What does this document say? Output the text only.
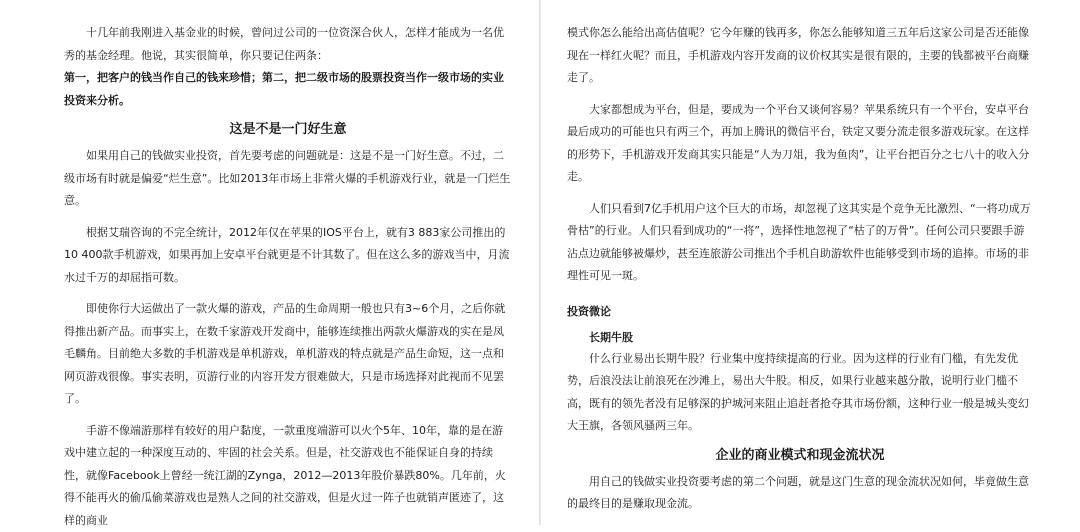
十几年前我刚进入基金业的时候，曾问过公司的一位资深合伙人，怎样才能成为一名优秀的基金经理。他说，其实很简单，你只要记住两条：

第一，把客户的钱当作自己的钱来珍惜；第二，把二级市场的股票投资当作一级市场的实业投资来分析。

这是不是一门好生意

如果用自己的钱做实业投资，首先要考虑的问题就是：这是不是一门好生意。不过，二级市场有时就是偏爱“烂生意”。比如2013年市场上非常火爆的手机游戏行业，就是一门烂生意。

根据艾瑞咨询的不完全统计，2012年仅在苹果的IOS平台上，就有3 883家公司推出的10 400款手机游戏，如果再加上安卓平台就更是不计其数了。但在这么多的游戏当中，月流水过千万的却屈指可数。

即使你行大运做出了一款火爆的游戏，产品的生命周期一般也只有3~6个月，之后你就得推出新产品。而事实上，在数千家游戏开发商中，能够连续推出两款火爆游戏的实在是凤毛麟角。目前绝大多数的手机游戏是单机游戏，单机游戏的特点就是产品生命短，这一点和网页游戏很像。事实表明，页游行业的内容开发方很难做大，只是市场选择对此视而不见罢了。

手游不像端游那样有较好的用户黏度，一款重度端游可以火个5年、10年，靠的是在游戏中建立起的一种深度互动的、牢固的社会关系。但是，社交游戏也不能保证自身的持续性，就像Facebook上曾经一统江湖的Zynga，2012—2013年股价暴跌80%。几年前，火得不能再火的偷瓜偷菜游戏也是熟人之间的社交游戏，但是火过一阵子也就销声匿迹了，这样的商业

模式你怎么能给出高估值呢？它今年赚的钱再多，你怎么能够知道三五年后这家公司是否还能像现在一样红火呢？而且，手机游戏内容开发商的议价权其实是很有限的，主要的钱都被平台商赚走了。

大家都想成为平台，但是，要成为一个平台又谈何容易？苹果系统只有一个平台，安卓平台最后成功的可能也只有两三个，再加上腾讯的微信平台，铁定又要分流走很多游戏玩家。在这样的形势下，手机游戏开发商其实只能是“人为刀俎，我为鱼肉”，让平台把百分之七八十的收入分走。

人们只看到7亿手机用户这个巨大的市场，却忽视了这其实是个竞争无比激烈、“一将功成万骨枯”的行业。人们只看到成功的“一将”，选择性地忽视了“枯了的万骨”。任何公司只要跟手游沾点边就能够被爆炒，甚至连旅游公司推出个手机自助游软件也能够受到市场的追捧。市场的非理性可见一斑。

投资微论
长期牛股

什么行业易出长期牛股？行业集中度持续提高的行业。因为这样的行业有门槛，有先发优势，后浪没法让前浪死在沙滩上，易出大牛股。相反，如果行业越来越分散，说明行业门槛不高，既有的领先者没有足够深的护城河来阻止追赶者抢夺其市场份额，这种行业一般是城头变幻大王旗，各领风骚两三年。

企业的商业模式和现金流状况

用自己的钱做实业投资要考虑的第二个问题，就是这门生意的现金流状况如何，毕竟做生意的最终目的是赚取现金流。
